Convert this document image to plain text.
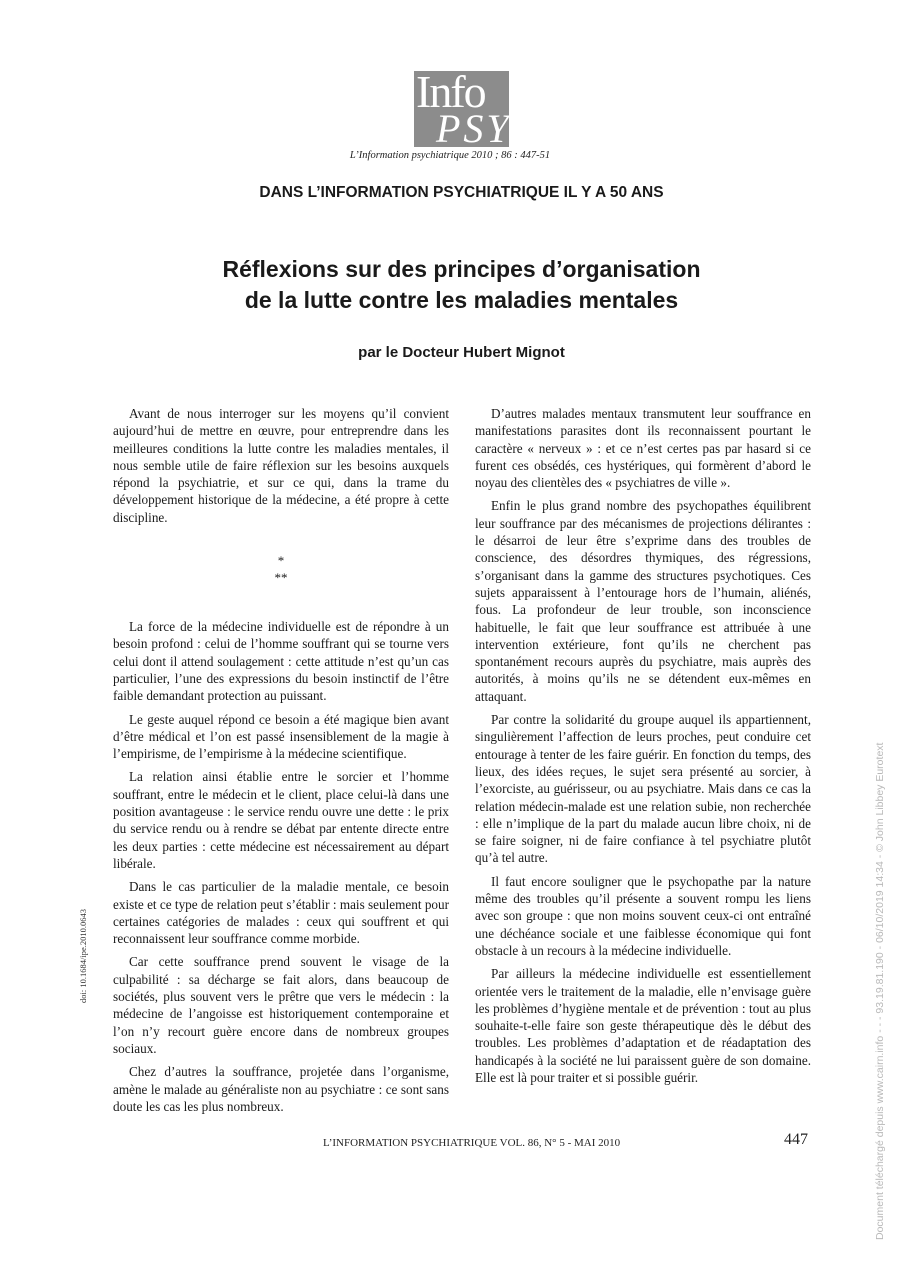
Info
PSY
L’Information psychiatrique 2010 ; 86 : 447-51
DANS L’INFORMATION PSYCHIATRIQUE IL Y A 50 ANS
Réflexions sur des principes d’organisation
de la lutte contre les maladies mentales
par le Docteur Hubert Mignot

Avant de nous interroger sur les moyens qu’il convient aujourd’hui de mettre en œuvre, pour entreprendre dans les meilleures conditions la lutte contre les maladies mentales, il nous semble utile de faire réflexion sur les besoins auxquels répond la psychiatrie, et sur ce qui, dans la trame du développement historique de la médecine, a été propre à cette discipline.

*
**

La force de la médecine individuelle est de répondre à un besoin profond : celui de l’homme souffrant qui se tourne vers celui dont il attend soulagement : cette attitude n’est qu’un cas particulier, l’une des expressions du besoin instinctif de l’être faible demandant protection au puissant.

Le geste auquel répond ce besoin a été magique bien avant d’être médical et l’on est passé insensiblement de la magie à l’empirisme, de l’empirisme à la médecine scientifique.

La relation ainsi établie entre le sorcier et l’homme souffrant, entre le médecin et le client, place celui-là dans une position avantageuse : le service rendu ouvre une dette : le prix du service rendu ou à rendre se débat par entente directe entre les deux parties : cette médecine est nécessairement au départ libérale.

Dans le cas particulier de la maladie mentale, ce besoin existe et ce type de relation peut s’établir : mais seulement pour certaines catégories de malades : ceux qui souffrent et qui reconnaissent leur souffrance comme morbide.

Car cette souffrance prend souvent le visage de la culpabilité : sa décharge se fait alors, dans beaucoup de sociétés, plus souvent vers le prêtre que vers le médecin : la médecine de l’angoisse est historiquement contemporaine et l’on n’y recourt guère encore dans de nombreux groupes sociaux.

Chez d’autres la souffrance, projetée dans l’organisme, amène le malade au généraliste non au psychiatre : ce sont sans doute les cas les plus nombreux.

D’autres malades mentaux transmutent leur souffrance en manifestations parasites dont ils reconnaissent pourtant le caractère « nerveux » : et ce n’est certes pas par hasard si ce furent ces obsédés, ces hystériques, qui formèrent d’abord le noyau des clientèles des « psychiatres de ville ».

Enfin le plus grand nombre des psychopathes équilibrent leur souffrance par des mécanismes de projections délirantes : le désarroi de leur être s’exprime dans des troubles de conscience, des désordres thymiques, des régressions, s’organisant dans la gamme des structures psychotiques. Ces sujets apparaissent à l’entourage hors de l’humain, aliénés, fous. La profondeur de leur trouble, son inconscience habituelle, le fait que leur souffrance est attribuée à une intervention extérieure, font qu’ils ne cherchent pas spontanément recours auprès du psychiatre, mais auprès des autorités, à moins qu’ils ne se détendent eux-mêmes en attaquant.

Par contre la solidarité du groupe auquel ils appartiennent, singulièrement l’affection de leurs proches, peut conduire cet entourage à tenter de les faire guérir. En fonction du temps, des lieux, des idées reçues, le sujet sera présenté au sorcier, à l’exorciste, au guérisseur, ou au psychiatre. Mais dans ce cas la relation médecin-malade est une relation subie, non recherchée : elle n’implique de la part du malade aucun libre choix, ni de se faire soigner, ni de faire confiance à tel psychiatre plutôt qu’à tel autre.

Il faut encore souligner que le psychopathe par la nature même des troubles qu’il présente a souvent rompu les liens avec son groupe : que non moins souvent ceux-ci ont entraîné une déchéance sociale et une faiblesse économique qui font obstacle à un recours à la médecine individuelle.

Par ailleurs la médecine individuelle est essentiellement orientée vers le traitement de la maladie, elle n’envisage guère les problèmes d’hygiène mentale et de prévention : tout au plus souhaite-t-elle faire son geste thérapeutique dès le début des troubles. Les problèmes d’adaptation et de réadaptation des handicapés à la société ne lui paraissent guère de son domaine. Elle est là pour traiter et si possible guérir.

doi: 10.1684/ipe.2010.0643	Document téléchargé depuis www.cairn.info - - - 93.19.81.190 - 06/10/2019 14:34 - © John Libbey Eurotext
L’INFORMATION PSYCHIATRIQUE VOL. 86, N° 5 - MAI 2010	447
